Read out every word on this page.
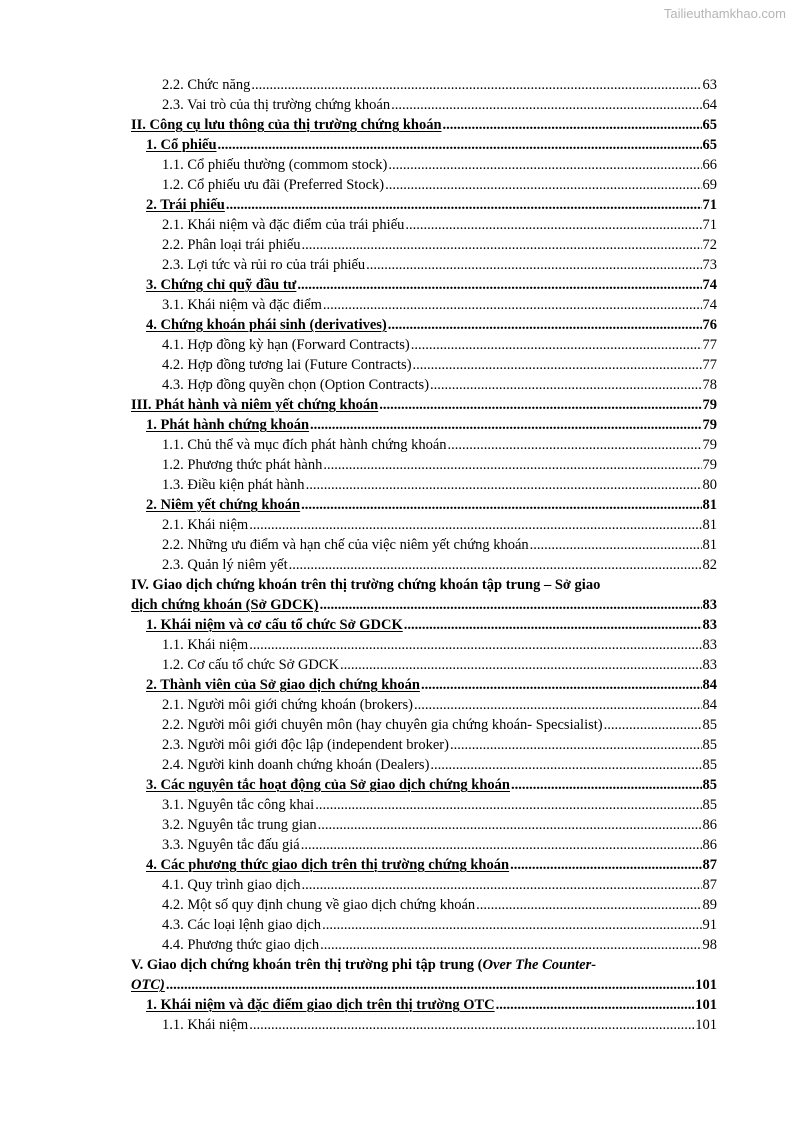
Tailieuthamkhao.com
2.2. Chức năng .....	63
2.3. Vai trò của thị trường chứng khoán .....	64
II. Công cụ lưu thông của thị trường chứng khoán .....	65
1. Cổ phiếu .....	65
1.1. Cổ phiếu thường (commom stock) .....	66
1.2. Cổ phiếu ưu đãi (Preferred Stock) .....	69
2. Trái phiếu .....	71
2.1. Khái niệm và đặc điểm của trái phiếu .....	71
2.2. Phân loại trái phiếu .....	72
2.3. Lợi tức và rủi ro của trái phiếu .....	73
3. Chứng chỉ quỹ đầu tư .....	74
3.1. Khái niệm và đặc điểm .....	74
4. Chứng khoán phái sinh (derivatives) .....	76
4.1. Hợp đồng kỳ hạn (Forward Contracts) .....	77
4.2. Hợp đồng tương lai (Future Contracts) .....	77
4.3. Hợp đồng quyền chọn (Option Contracts) .....	78
III. Phát hành và niêm yết chứng khoán .....	79
1. Phát hành chứng khoán .....	79
1.1. Chủ thể và mục đích phát hành chứng khoán .....	79
1.2. Phương thức phát hành .....	79
1.3. Điều kiện phát hành .....	80
2. Niêm yết chứng khoán .....	81
2.1. Khái niệm .....	81
2.2. Những ưu điểm và hạn chế của việc niêm yết chứng khoán .....	81
2.3. Quản lý niêm yết .....	82
IV. Giao dịch chứng khoán trên thị trường chứng khoán tập trung – Sở giao
dịch chứng khoán (Sở GDCK) .....	83
1. Khái niệm và cơ cấu tổ chức Sở GDCK .....	83
1.1. Khái niệm .....	83
1.2. Cơ cấu tổ chức Sở GDCK .....	83
2. Thành viên của Sở giao dịch chứng khoán .....	84
2.1. Người môi giới chứng khoán (brokers) .....	84
2.2. Người môi giới chuyên môn (hay chuyên gia chứng khoán- Specsialist) .....	85
2.3. Người môi giới độc lập (independent broker) .....	85
2.4. Người kinh doanh chứng khoán (Dealers) .....	85
3. Các nguyên tắc hoạt động của Sở giao dịch chứng khoán .....	85
3.1. Nguyên tắc công khai .....	85
3.2. Nguyên tắc trung gian .....	86
3.3. Nguyên tắc đấu giá .....	86
4. Các phương thức giao dịch trên thị trường chứng khoán .....	87
4.1. Quy trình giao dịch .....	87
4.2. Một số quy định chung về giao dịch chứng khoán .....	89
4.3. Các loại lệnh giao dịch .....	91
4.4. Phương thức giao dịch .....	98
V. Giao dịch chứng khoán trên thị trường phi tập trung (Over The Counter-
OTC) .....	101
1. Khái niệm và đặc điểm giao dịch trên thị trường OTC .....	101
1.1. Khái niệm .....	101
